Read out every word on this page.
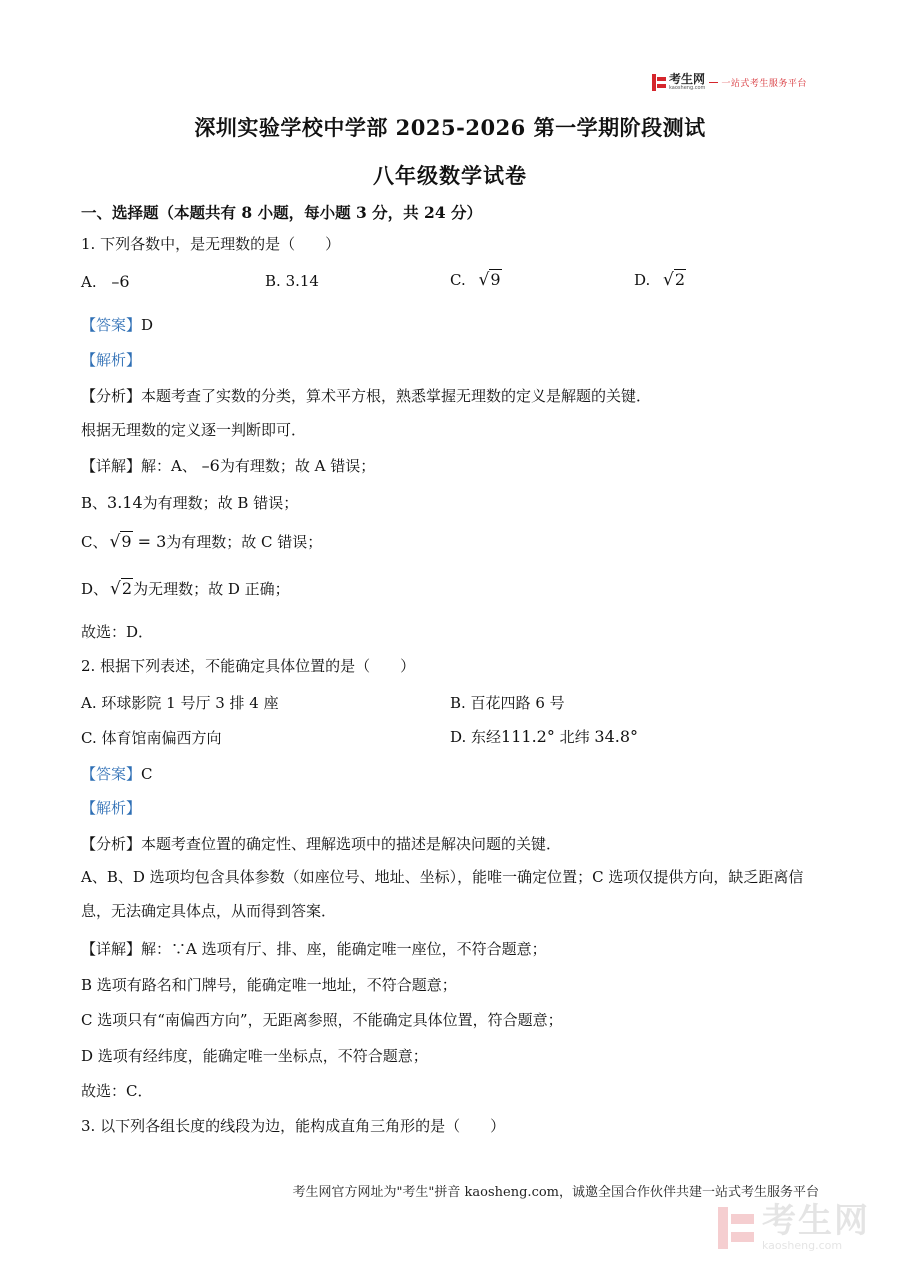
考生网
kaosheng.com 一站式考生服务平台
深圳实验学校中学部 2025-2026 第一学期阶段测试
八年级数学试卷
一、选择题（本题共有 8 小题，每小题 3 分，共 24 分）
1. 下列各数中，是无理数的是（　　）
A. –6	B. 3.14	C. √9	D. √2
【答案】D
【解析】
【分析】本题考查了实数的分类，算术平方根，熟悉掌握无理数的定义是解题的关键．
根据无理数的定义逐一判断即可．
【详解】解：A、 –6为有理数；故 A 错误；
B、3.14为有理数；故 B 错误；
C、 √9 = 3为有理数；故 C 错误；
D、 √2为无理数；故 D 正确；
故选：D．
2. 根据下列表述，不能确定具体位置的是（　　）
A. 环球影院 1 号厅 3 排 4 座	B. 百花四路 6 号
C. 体育馆南偏西方向	D. 东经111.2° 北纬 34.8°
【答案】C
【解析】
【分析】本题考查位置的确定性、理解选项中的描述是解决问题的关键．
A、B、D 选项均包含具体参数（如座位号、地址、坐标），能唯一确定位置；C 选项仅提供方向，缺乏距离信息，无法确定具体点，从而得到答案．
【详解】解：∵A 选项有厅、排、座，能确定唯一座位，不符合题意；
B 选项有路名和门牌号，能确定唯一地址，不符合题意；
C 选项只有“南偏西方向”，无距离参照，不能确定具体位置，符合题意；
D 选项有经纬度，能确定唯一坐标点，不符合题意；
故选：C．
3. 以下列各组长度的线段为边，能构成直角三角形的是（　　）
考生网官方网址为"考生"拼音 kaosheng.com，诚邀全国合作伙伴共建一站式考生服务平台
考生网
kaosheng.com
